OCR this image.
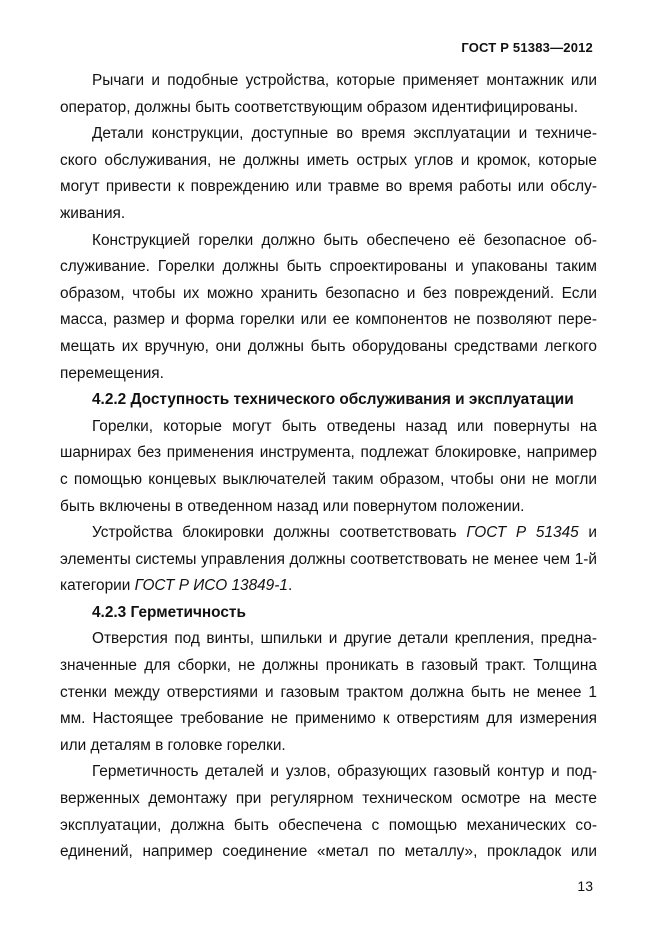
ГОСТ Р 51383—2012

Рычаги и подобные устройства, которые применяет монтажник или оператор, должны быть соответствующим образом идентифицированы.

Детали конструкции, доступные во время эксплуатации и технического обслуживания, не должны иметь острых углов и кромок, которые могут привести к повреждению или травме во время работы или обслуживания.

Конструкцией горелки должно быть обеспечено её безопасное обслуживание. Горелки должны быть спроектированы и упакованы таким образом, чтобы их можно хранить безопасно и без повреждений. Если масса, размер и форма горелки или ее компонентов не позволяют перемещать их вручную, они должны быть оборудованы средствами легкого перемещения.

4.2.2 Доступность технического обслуживания и эксплуатации

Горелки, которые могут быть отведены назад или повернуты на шарнирах без применения инструмента, подлежат блокировке, например с помощью концевых выключателей таким образом, чтобы они не могли быть включены в отведенном назад или повернутом положении.

Устройства блокировки должны соответствовать ГОСТ Р 51345 и элементы системы управления должны соответствовать не менее чем 1-й категории ГОСТ Р ИСО 13849-1.

4.2.3 Герметичность

Отверстия под винты, шпильки и другие детали крепления, предназначенные для сборки, не должны проникать в газовый тракт. Толщина стенки между отверстиями и газовым трактом должна быть не менее 1 мм. Настоящее требование не применимо к отверстиям для измерения или деталям в головке горелки.

Герметичность деталей и узлов, образующих газовый контур и подверженных демонтажу при регулярном техническом осмотре на месте эксплуатации, должна быть обеспечена с помощью механических соединений, например соединение «метал по металлу», прокладок или

13
